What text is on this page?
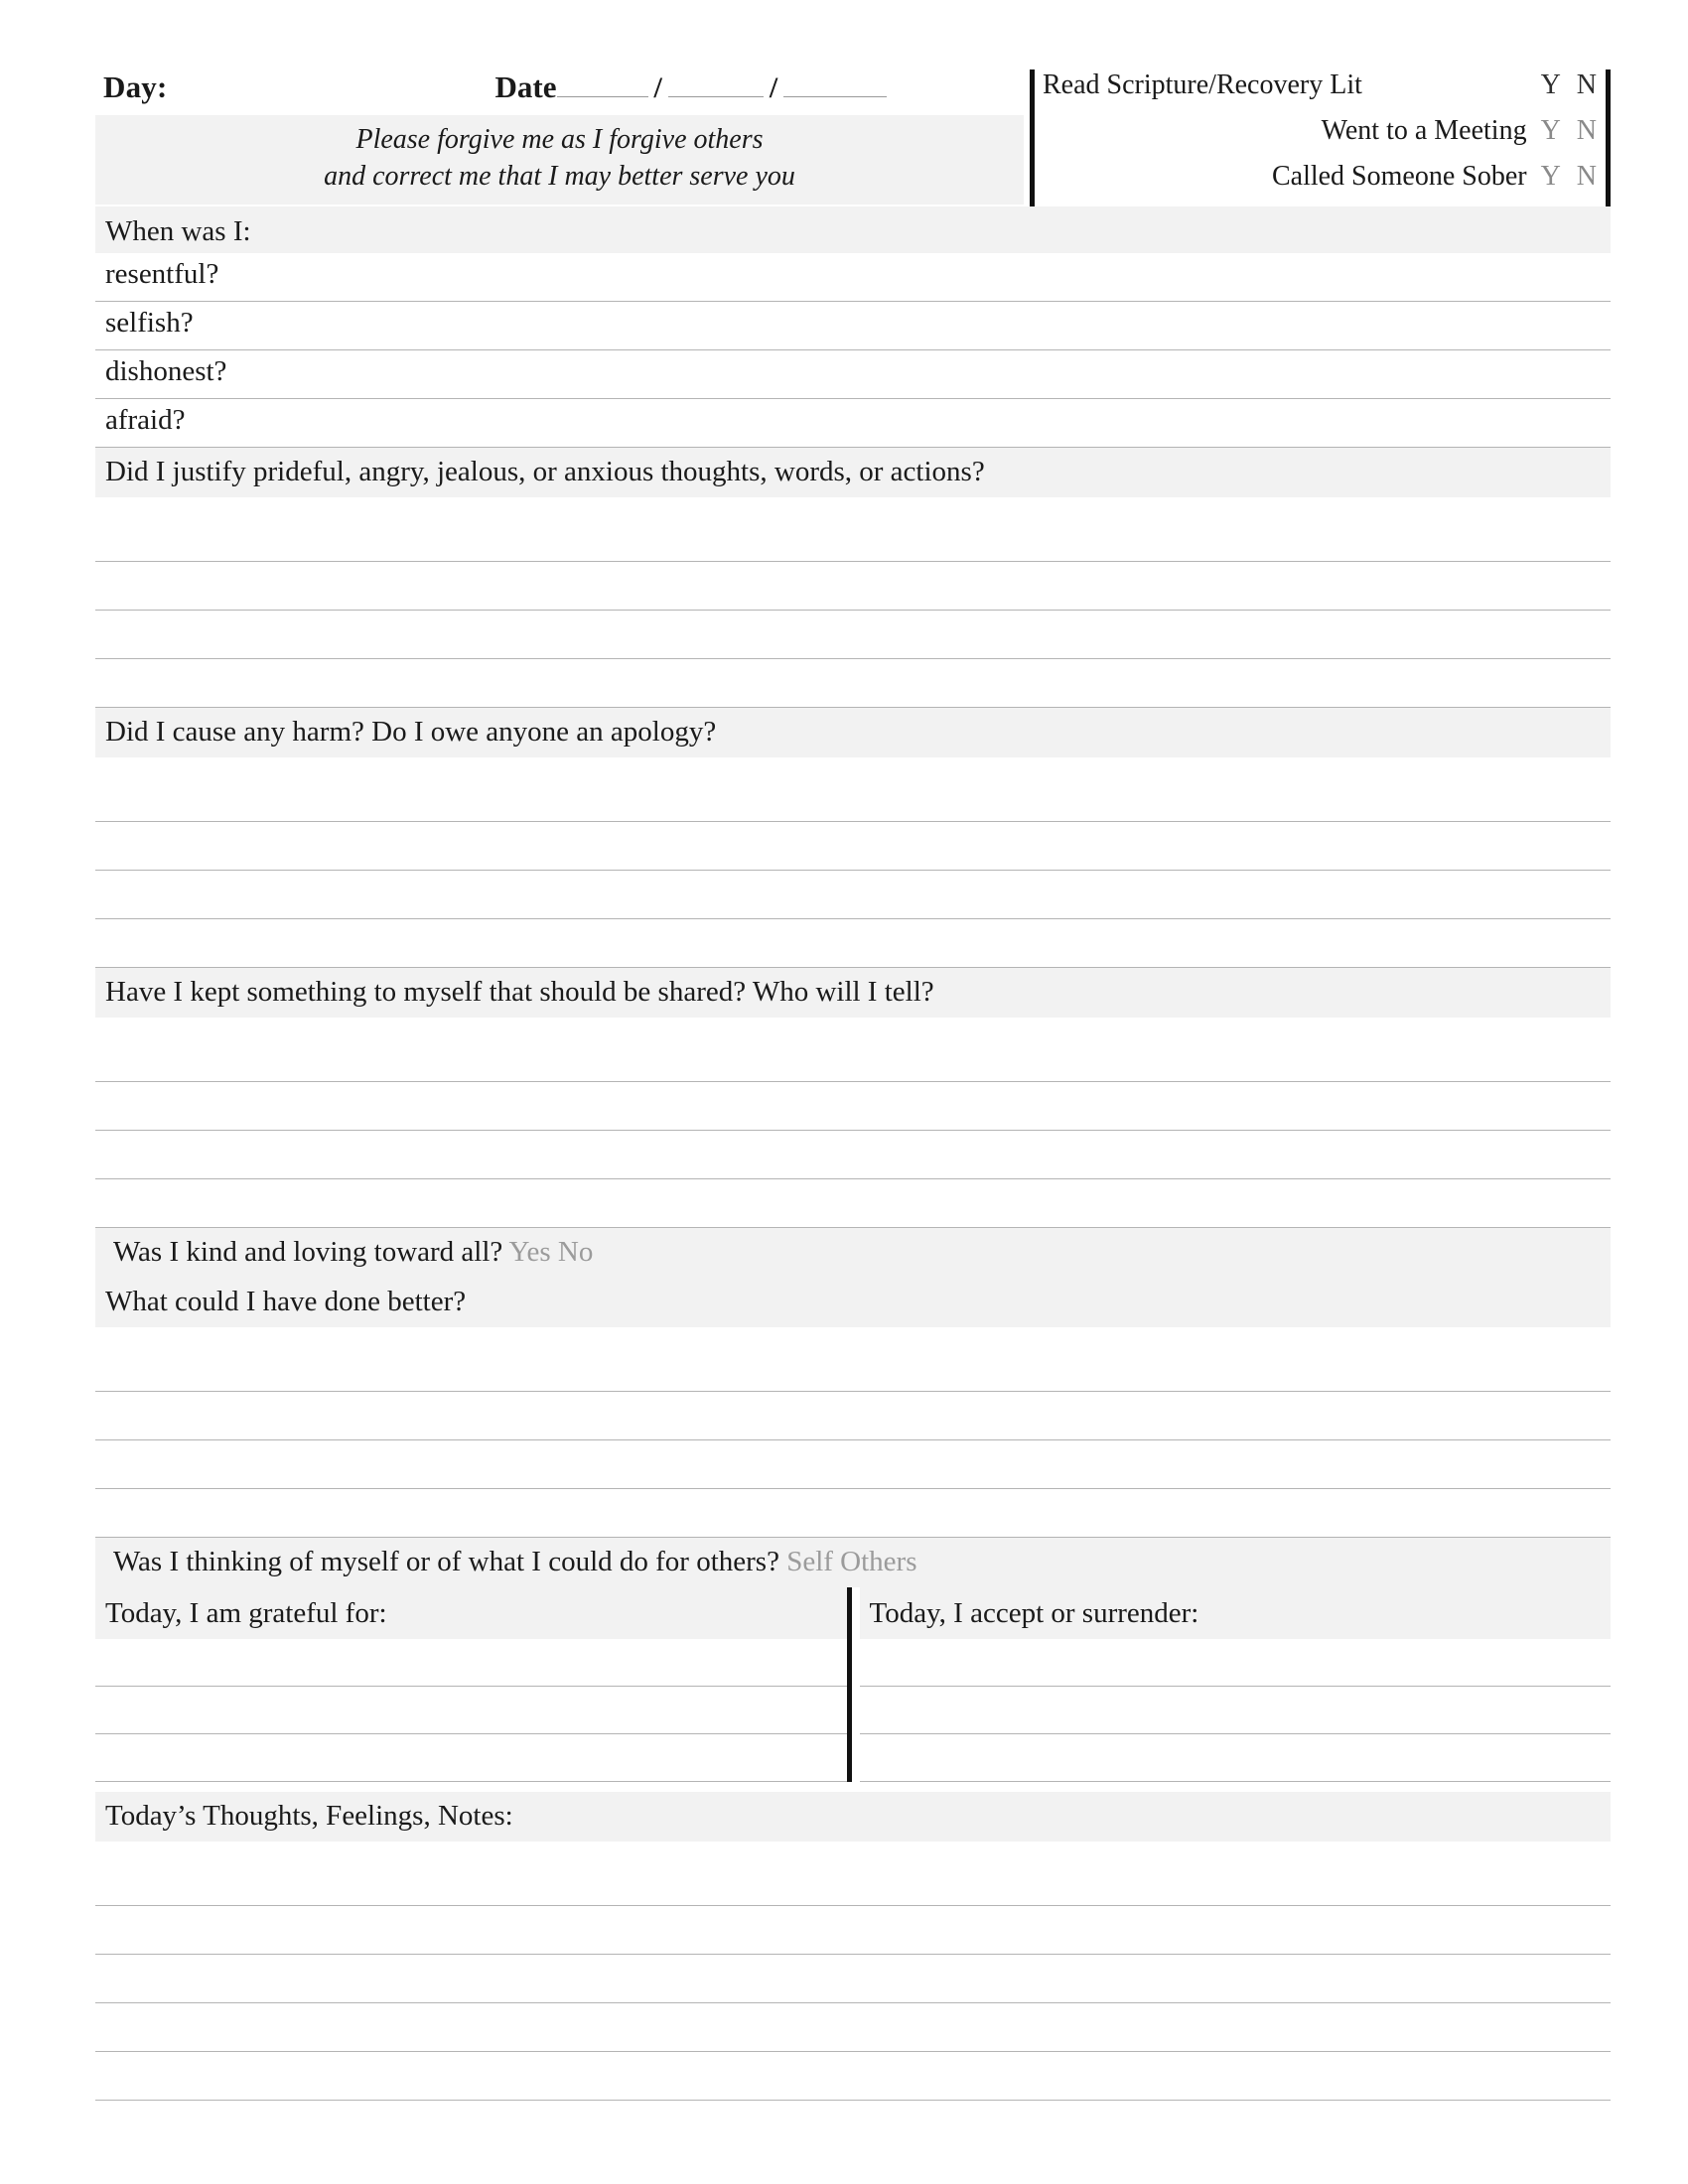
Day:	Date	/	/
Please forgive me as I forgive others
and correct me that I may better serve you
Read Scripture/Recovery Lit	Y N
Went to a Meeting Y N
Called Someone Sober Y N
When was I:
resentful?
selfish?
dishonest?
afraid?
Did I justify prideful, angry, jealous, or anxious thoughts, words, or actions?
Did I cause any harm? Do I owe anyone an apology?
Have I kept something to myself that should be shared? Who will I tell?
Was I kind and loving toward all? Yes No
What could I have done better?
Was I thinking of myself or of what I could do for others? Self Others
Today, I am grateful for:	Today, I accept or surrender:
Today’s Thoughts, Feelings, Notes:
